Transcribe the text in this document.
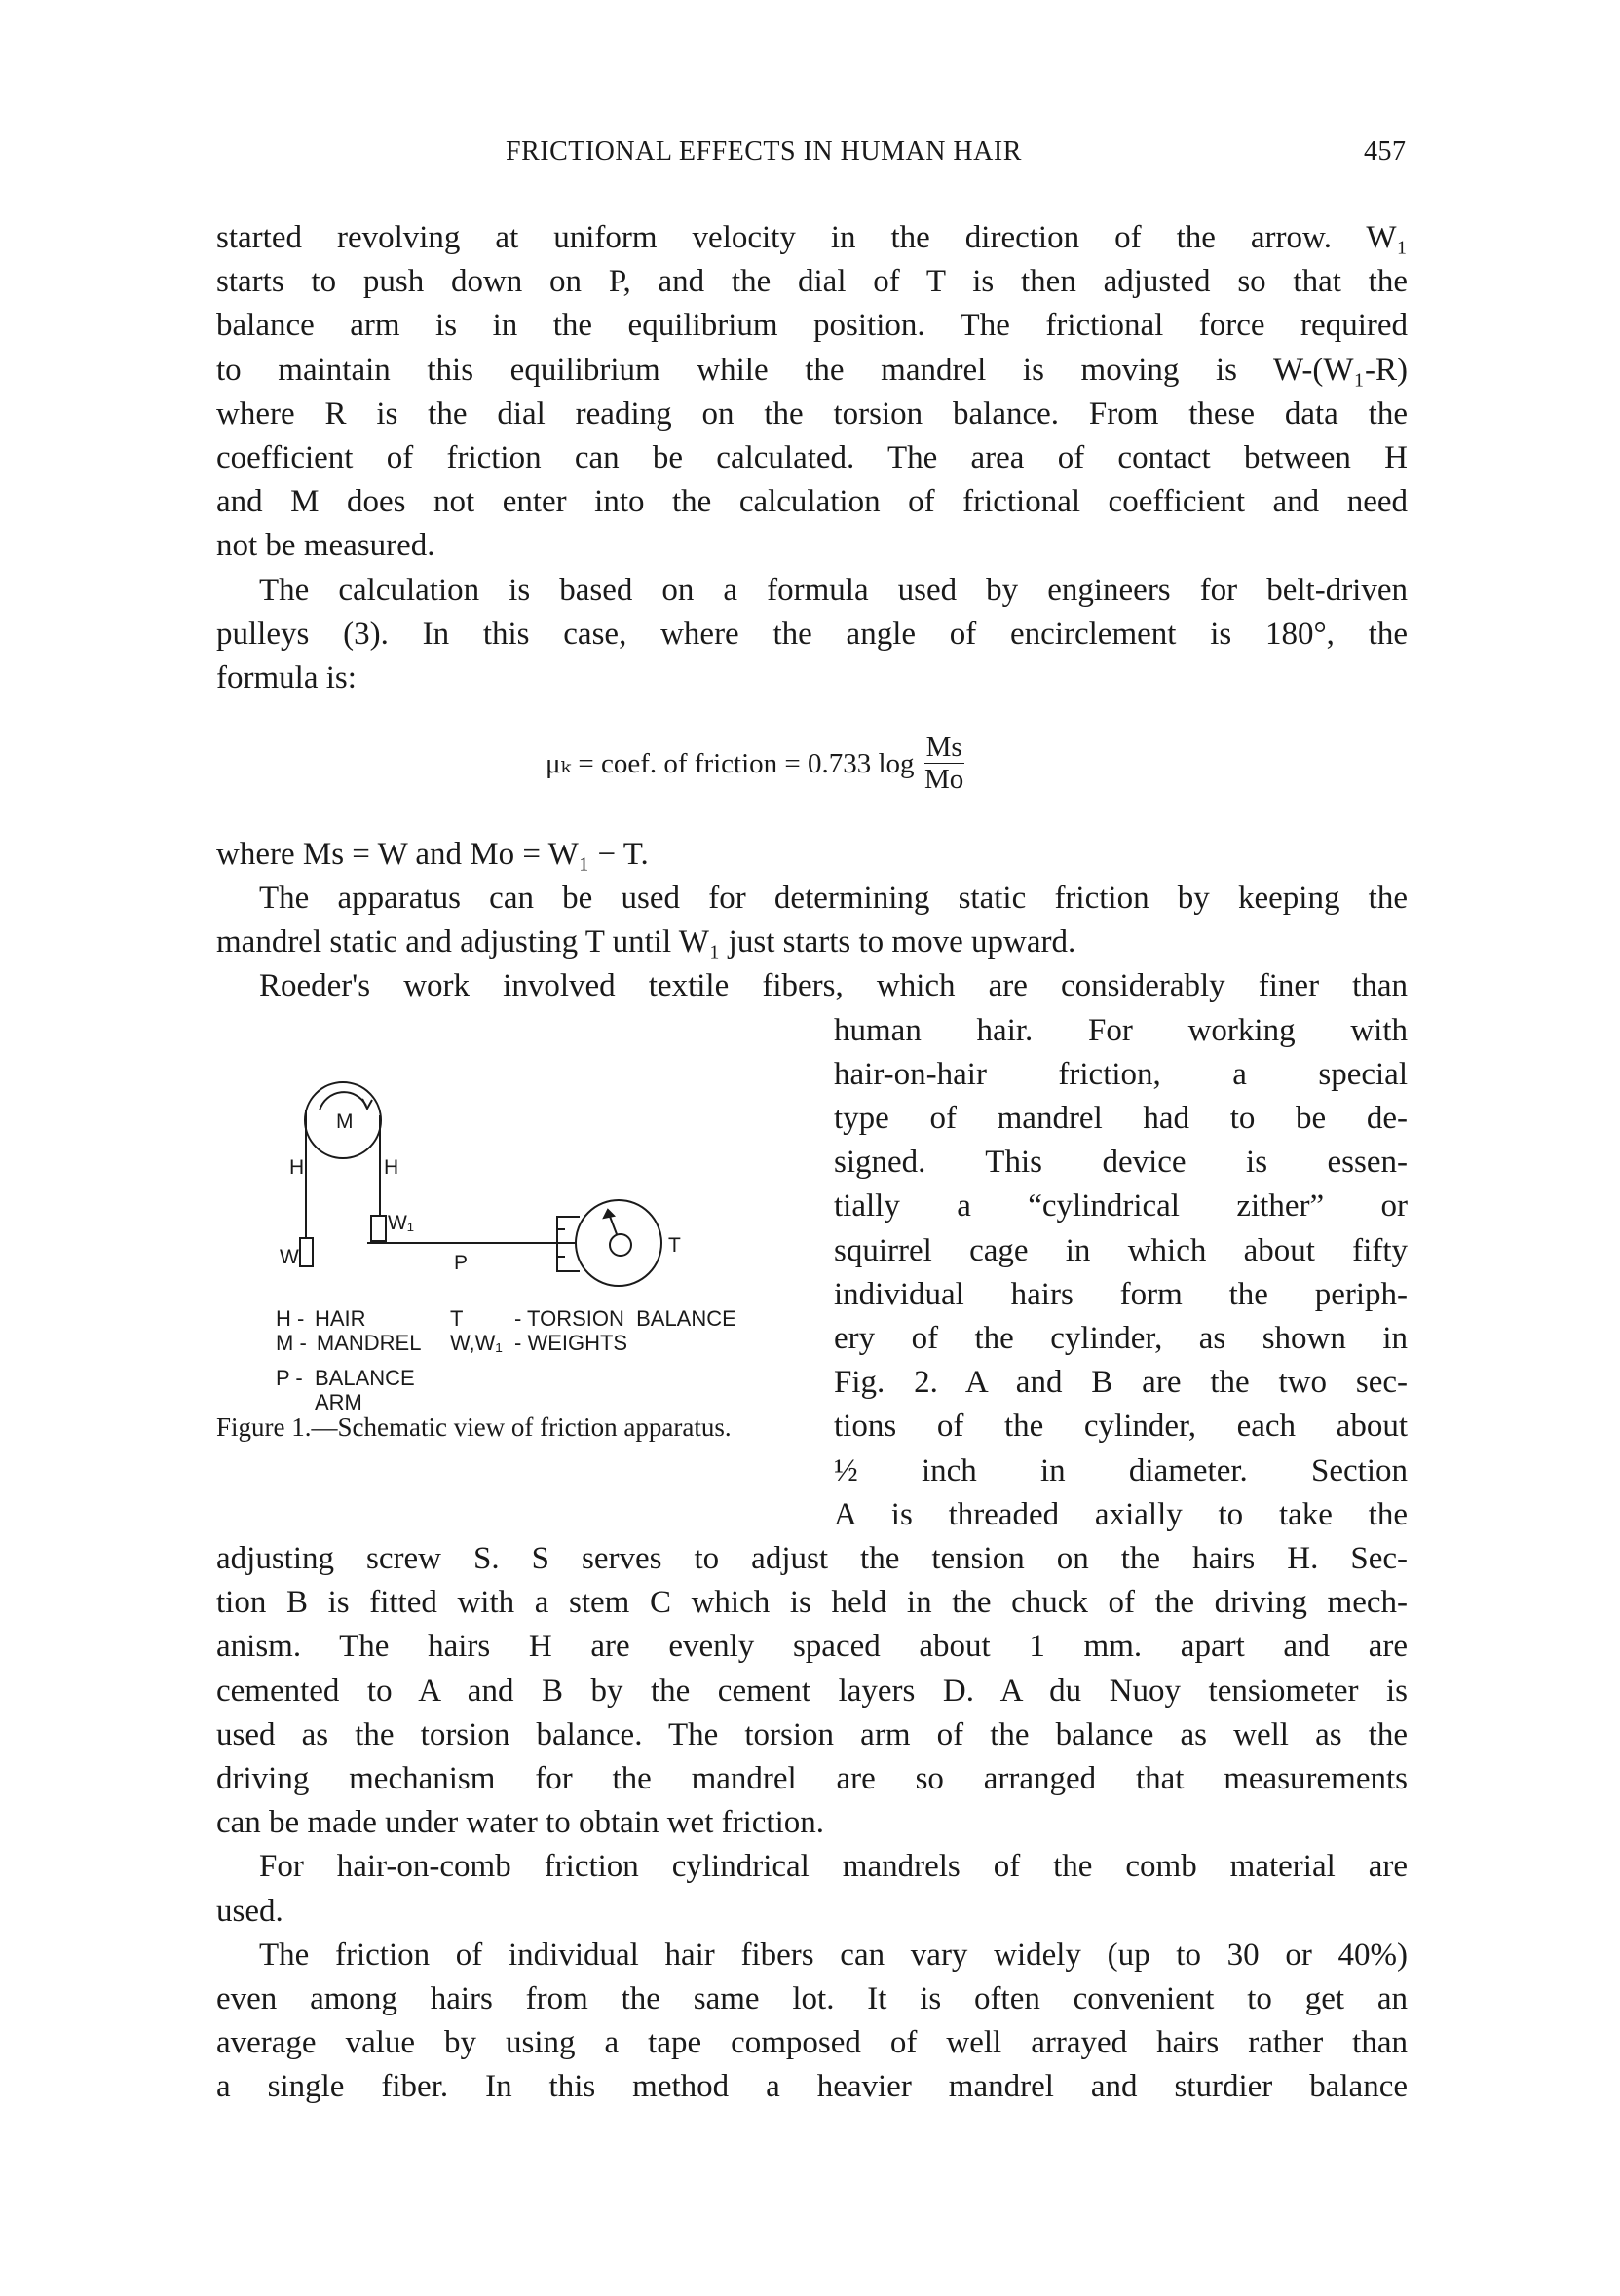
FRICTIONAL EFFECTS IN HUMAN HAIR	457
started revolving at uniform velocity in the direction of the arrow. W₁
starts to push down on P, and the dial of T is then adjusted so that the
balance arm is in the equilibrium position. The frictional force required
to maintain this equilibrium while the mandrel is moving is W-(W₁-R)
where R is the dial reading on the torsion balance. From these data the
coefficient of friction can be calculated. The area of contact between H
and M does not enter into the calculation of frictional coefficient and need
not be measured.
The calculation is based on a formula used by engineers for belt-driven
pulleys (3). In this case, where the angle of encirclement is 180°, the
formula is:
where Ms = W and Mo = W₁ − T.
The apparatus can be used for determining static friction by keeping the
mandrel static and adjusting T until W₁ just starts to move upward.
Roeder's work involved textile fibers, which are considerably finer than
human hair. For working with
hair-on-hair friction, a special
type of mandrel had to be de-
signed. This device is essen-
tially a “cylindrical zither” or
squirrel cage in which about fifty
individual hairs form the periph-
ery of the cylinder, as shown in
Fig. 2. A and B are the two sec-
tions of the cylinder, each about
½ inch in diameter. Section
A is threaded axially to take the
adjusting screw S. S serves to adjust the tension on the hairs H. Sec-
tion B is fitted with a stem C which is held in the chuck of the driving mech-
anism. The hairs H are evenly spaced about 1 mm. apart and are
cemented to A and B by the cement layers D. A du Nuoy tensiometer is
used as the torsion balance. The torsion arm of the balance as well as the
driving mechanism for the mandrel are so arranged that measurements
can be made under water to obtain wet friction.
For hair-on-comb friction cylindrical mandrels of the comb material are
used.
The friction of individual hair fibers can vary widely (up to 30 or 40%)
even among hairs from the same lot. It is often convenient to get an
average value by using a tape composed of well arrayed hairs rather than
a single fiber. In this method a heavier mandrel and sturdier balance
μₖ = coef. of friction = 0.733 $\log \frac{Ms}{Mo}$
M
H	H
W
W₁
P
T
H - HAIR
M - MANDREL
P - BALANCE
ARM
T	- TORSION  BALANCE
W,W₁ - WEIGHTS
Figure 1.—Schematic view of friction apparatus.
